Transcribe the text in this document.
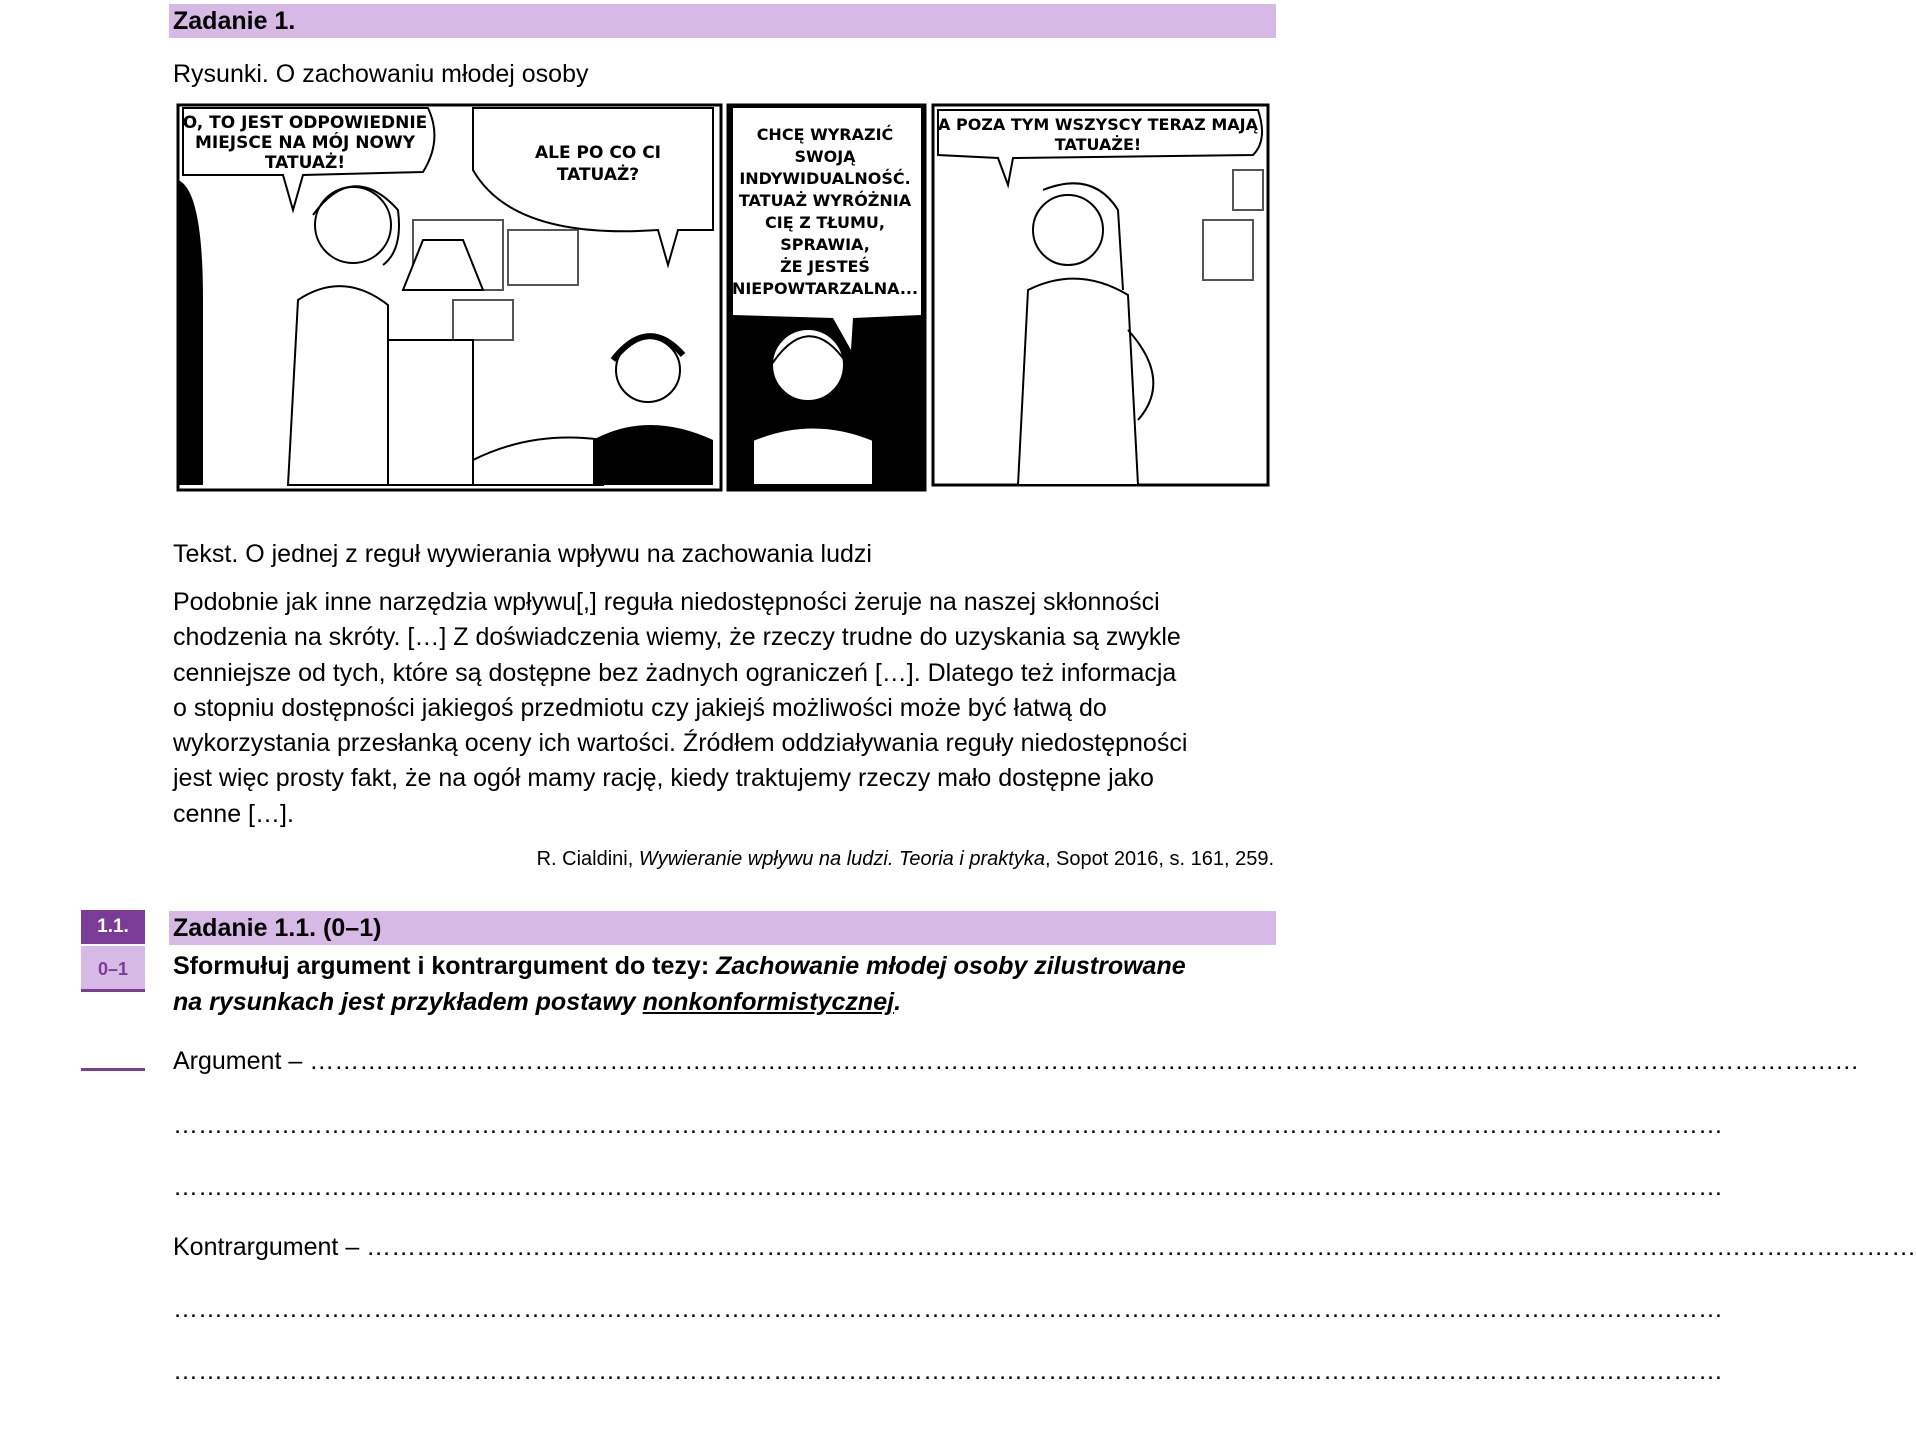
Zadanie 1.
Rysunki. O zachowaniu młodej osoby
O, TO JEST ODPOWIEDNIE
MIEJSCE NA MÓJ NOWY
TATUAŻ!	ALE PO CO CI
TATUAŻ?
CHCĘ WYRAZIĆ
SWOJĄ
INDYWIDUALNOŚĆ.
TATUAŻ WYRÓŻNIA
CIĘ Z TŁUMU,
SPRAWIA,
ŻE JESTEŚ
NIEPOWTARZALNA...
A POZA TYM WSZYSCY TERAZ MAJĄ
TATUAŻE!
Tekst. O jednej z reguł wywierania wpływu na zachowania ludzi
Podobnie jak inne narzędzia wpływu[,] reguła niedostępności żeruje na naszej skłonności
chodzenia na skróty. […] Z doświadczenia wiemy, że rzeczy trudne do uzyskania są zwykle
cenniejsze od tych, które są dostępne bez żadnych ograniczeń […]. Dlatego też informacja
o stopniu dostępności jakiegoś przedmiotu czy jakiejś możliwości może być łatwą do
wykorzystania przesłanką oceny ich wartości. Źródłem oddziaływania reguły niedostępności
jest więc prosty fakt, że na ogół mamy rację, kiedy traktujemy rzeczy mało dostępne jako
cenne […].
R. Cialdini, Wywieranie wpływu na ludzi. Teoria i praktyka, Sopot 2016, s. 161, 259.
1.1.
0–1
Zadanie 1.1. (0–1)
Sformułuj argument i kontrargument do tezy: Zachowanie młodej osoby zilustrowane
na rysunkach jest przykładem postawy nonkonformistycznej.
Argument – ……………………………………………………………………………………………………………………………………………………………………
……………………………………………………………………………………………………………………………………………………………………
……………………………………………………………………………………………………………………………………………………………………
Kontrargument – ……………………………………………………………………………………………………………………………………………………………………
……………………………………………………………………………………………………………………………………………………………………
……………………………………………………………………………………………………………………………………………………………………
